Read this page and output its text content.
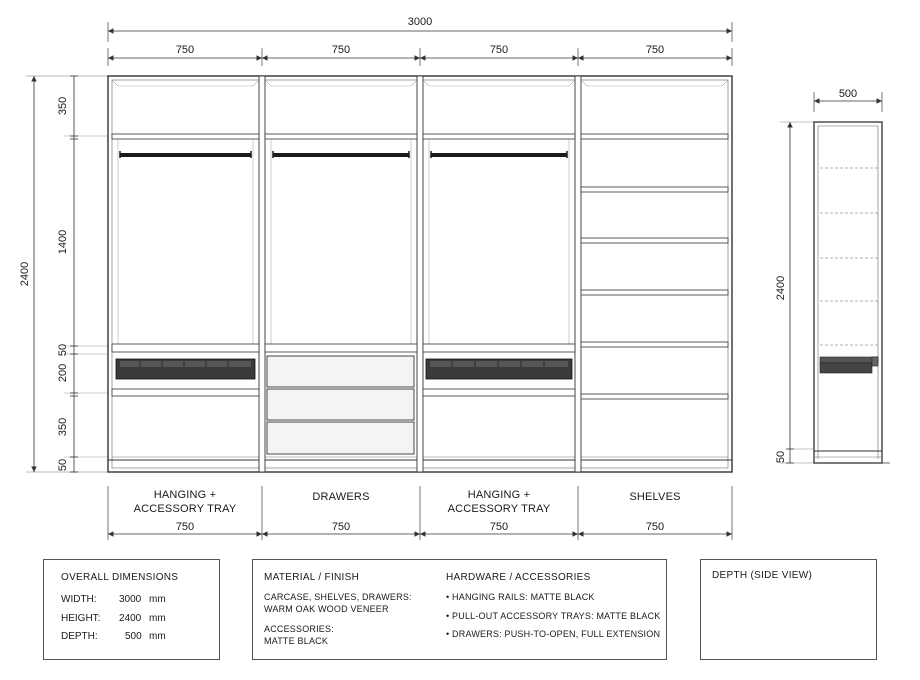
3000
750	750	750	750
2400
350
1400
50
200
350
50
HANGING +
ACCESSORY TRAY
DRAWERS	HANGING +
ACCESSORY TRAY
SHELVES
750	750	750	750
500
2400
50
OVERALL DIMENSIONS
WIDTH: 3000 mm
HEIGHT: 2400 mm
DEPTH:	500 mm
MATERIAL / FINISH
CARCASE, SHELVES, DRAWERS:
WARM OAK WOOD VENEER
ACCESSORIES:
MATTE BLACK
HARDWARE / ACCESSORIES
• HANGING RAILS: MATTE BLACK
• PULL-OUT ACCESSORY TRAYS: MATTE BLACK
• DRAWERS: PUSH-TO-OPEN, FULL EXTENSION
DEPTH (SIDE VIEW)
